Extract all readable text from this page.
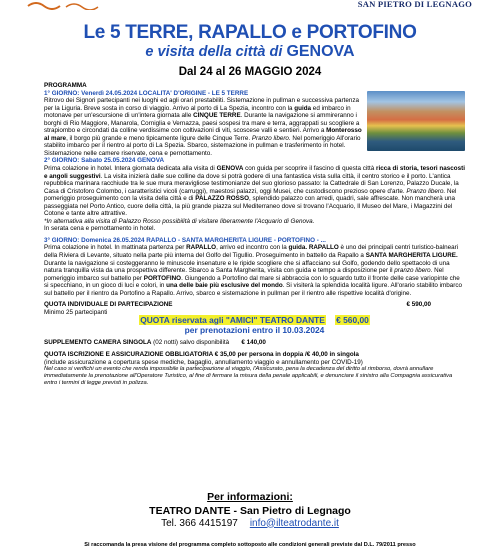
SAN PIETRO DI LEGNAGO
Le 5 TERRE, RAPALLO e PORTOFINO
e visita della città di GENOVA
Dal 24 al 26 MAGGIO 2024

PROGRAMMA

1° GIORNO: Venerdì 24.05.2024 LOCALITA' D'ORIGINE - LE 5 TERRE

Ritrovo dei Signori partecipanti nei luoghi ed agli orari prestabiliti. Sistemazione in pullman e successiva partenza per la Liguria. Breve sosta in corso di viaggio. Arrivo al porto di La Spezia, incontro con la guida ed imbarco in motonave per un'escursione di un'intera giornata alle CINQUE TERRE. Durante la navigazione si ammireranno i borghi di Rio Maggiore, Manarola, Corniglia e Vernazza, paesi sospesi tra mare e terra, aggrappati su scogliere a strapiombo e circondati da colline verdissime con coltivazioni di viti, scoscese valli e sentieri. Arrivo a Monterosso al mare, il borgo più grande e meno tipicamente ligure delle Cinque Terre. Pranzo libero. Nel pomeriggio All'orario stabilito imbarco per il rientro al porto di La Spezia. Sbarco, sistemazione in pullman e trasferimento in hotel. Sistemazione nelle camere riservate, cena e pernottamento.

2° GIORNO: Sabato 25.05.2024 GENOVA

Prima colazione in hotel. Intera giornata dedicata alla visita di GENOVA con guida per scoprire il fascino di questa città ricca di storia, tesori nascosti e angoli suggestivi. La visita inizierà dalle sue colline da dove si potrà godere di una fantastica vista sulla città, il centro storico e il porto. L'antica repubblica marinara racchiude tra le sue mura meravigliose testimonianze del suo glorioso passato: la Cattedrale di San Lorenzo, Palazzo Ducale, la Casa di Cristoforo Colombo, i caratteristici vicoli (carruggi), maestosi palazzi, oggi Musei, che custodiscono prezioso opere d'arte. Pranzo libero. Nel pomeriggio proseguimento con la visita della città e di PALAZZO ROSSO, splendido palazzo con arredi, quadri, sale affrescate. Non mancherà una passeggiata nel Porto Antico, cuore della città, la più grande piazza sul Mediterraneo dove si trovano l'Acquario, Il Museo del Mare, i Magazzini del Cotone e tante altre attrattive.

*In alternativa alla visita di Palazzo Rosso possibilità di visitare liberamente l'Acquario di Genova.

In serata cena e pernottamento in hotel.

3° GIORNO: Domenica 26.05.2024 RAPALLO - SANTA MARGHERITA LIGURE - PORTOFINO - ...

Prima colazione in hotel. In mattinata partenza per RAPALLO, arrivo ed incontro con la guida. RAPALLO è uno dei principali centri turistico-balneari della Riviera di Levante, situato nella parte più interna del Golfo del Tigullio. Proseguimento in battello da Rapallo a SANTA MARGHERITA LIGURE. Durante la navigazione si costeggeranno le minuscole insenature e le ripide scogliere che si affacciano sul Golfo, godendo dello spettacolo di una natura tranquilla vista da una prospettiva differente. Sbarco a Santa Margherita, visita con guida e tempo a disposizione per il pranzo libero. Nel pomeriggio imbarco sul battello per PORTOFINO. Giungendo a Portofino dal mare si abbraccia con lo sguardo tutto il fronte delle case variopinte che si specchiano, in un gioco di luci e colori, in una delle baie più esclusive del mondo. Si visiterà la splendida località ligure. All'orario stabilito imbarco sul battello per il rientro da Portofino a Rapallo. Arrivo, sbarco e sistemazione in pullman per il rientro alle rispettive località d'origine.

QUOTA INDIVIDUALE DI PARTECIPAZIONE	€ 590,00

Minimo 25 partecipanti

QUOTA riservata agli "AMICI" TEATRO DANTE € 560,00
per prenotazioni entro il 10.03.2024
SUPPLEMENTO CAMERA SINGOLA (02 notti) salvo disponibilità € 140,00

QUOTA ISCRIZIONE E ASSICURAZIONE OBBLIGATORIA € 35,00 per persona in doppia /€ 40,00 in singola

(include assicurazione a copertura spese mediche, bagaglio, annullamento viaggio e annullamento per COVID-19)

Nel caso si verifichi un evento che renda impossibile la partecipazione al viaggio, l'Assicurato, pena la decadenza del diritto al rimborso, dovrà annullare immediatamente la prenotazione all'Operatore Turistico, al fine di fermare la misura della penale applicabili, e denunciare il sinistro alla Compagnia assicurativa entro i termini di legge previsti in polizza.

Per informazioni:
TEATRO DANTE - San Pietro di Legnago
Tel. 366 4415197 info@ilteatrodante.it
Si raccomanda la presa visione del programma completo sottoposto alle condizioni generali previste dal D.L. 79/2011 presso
